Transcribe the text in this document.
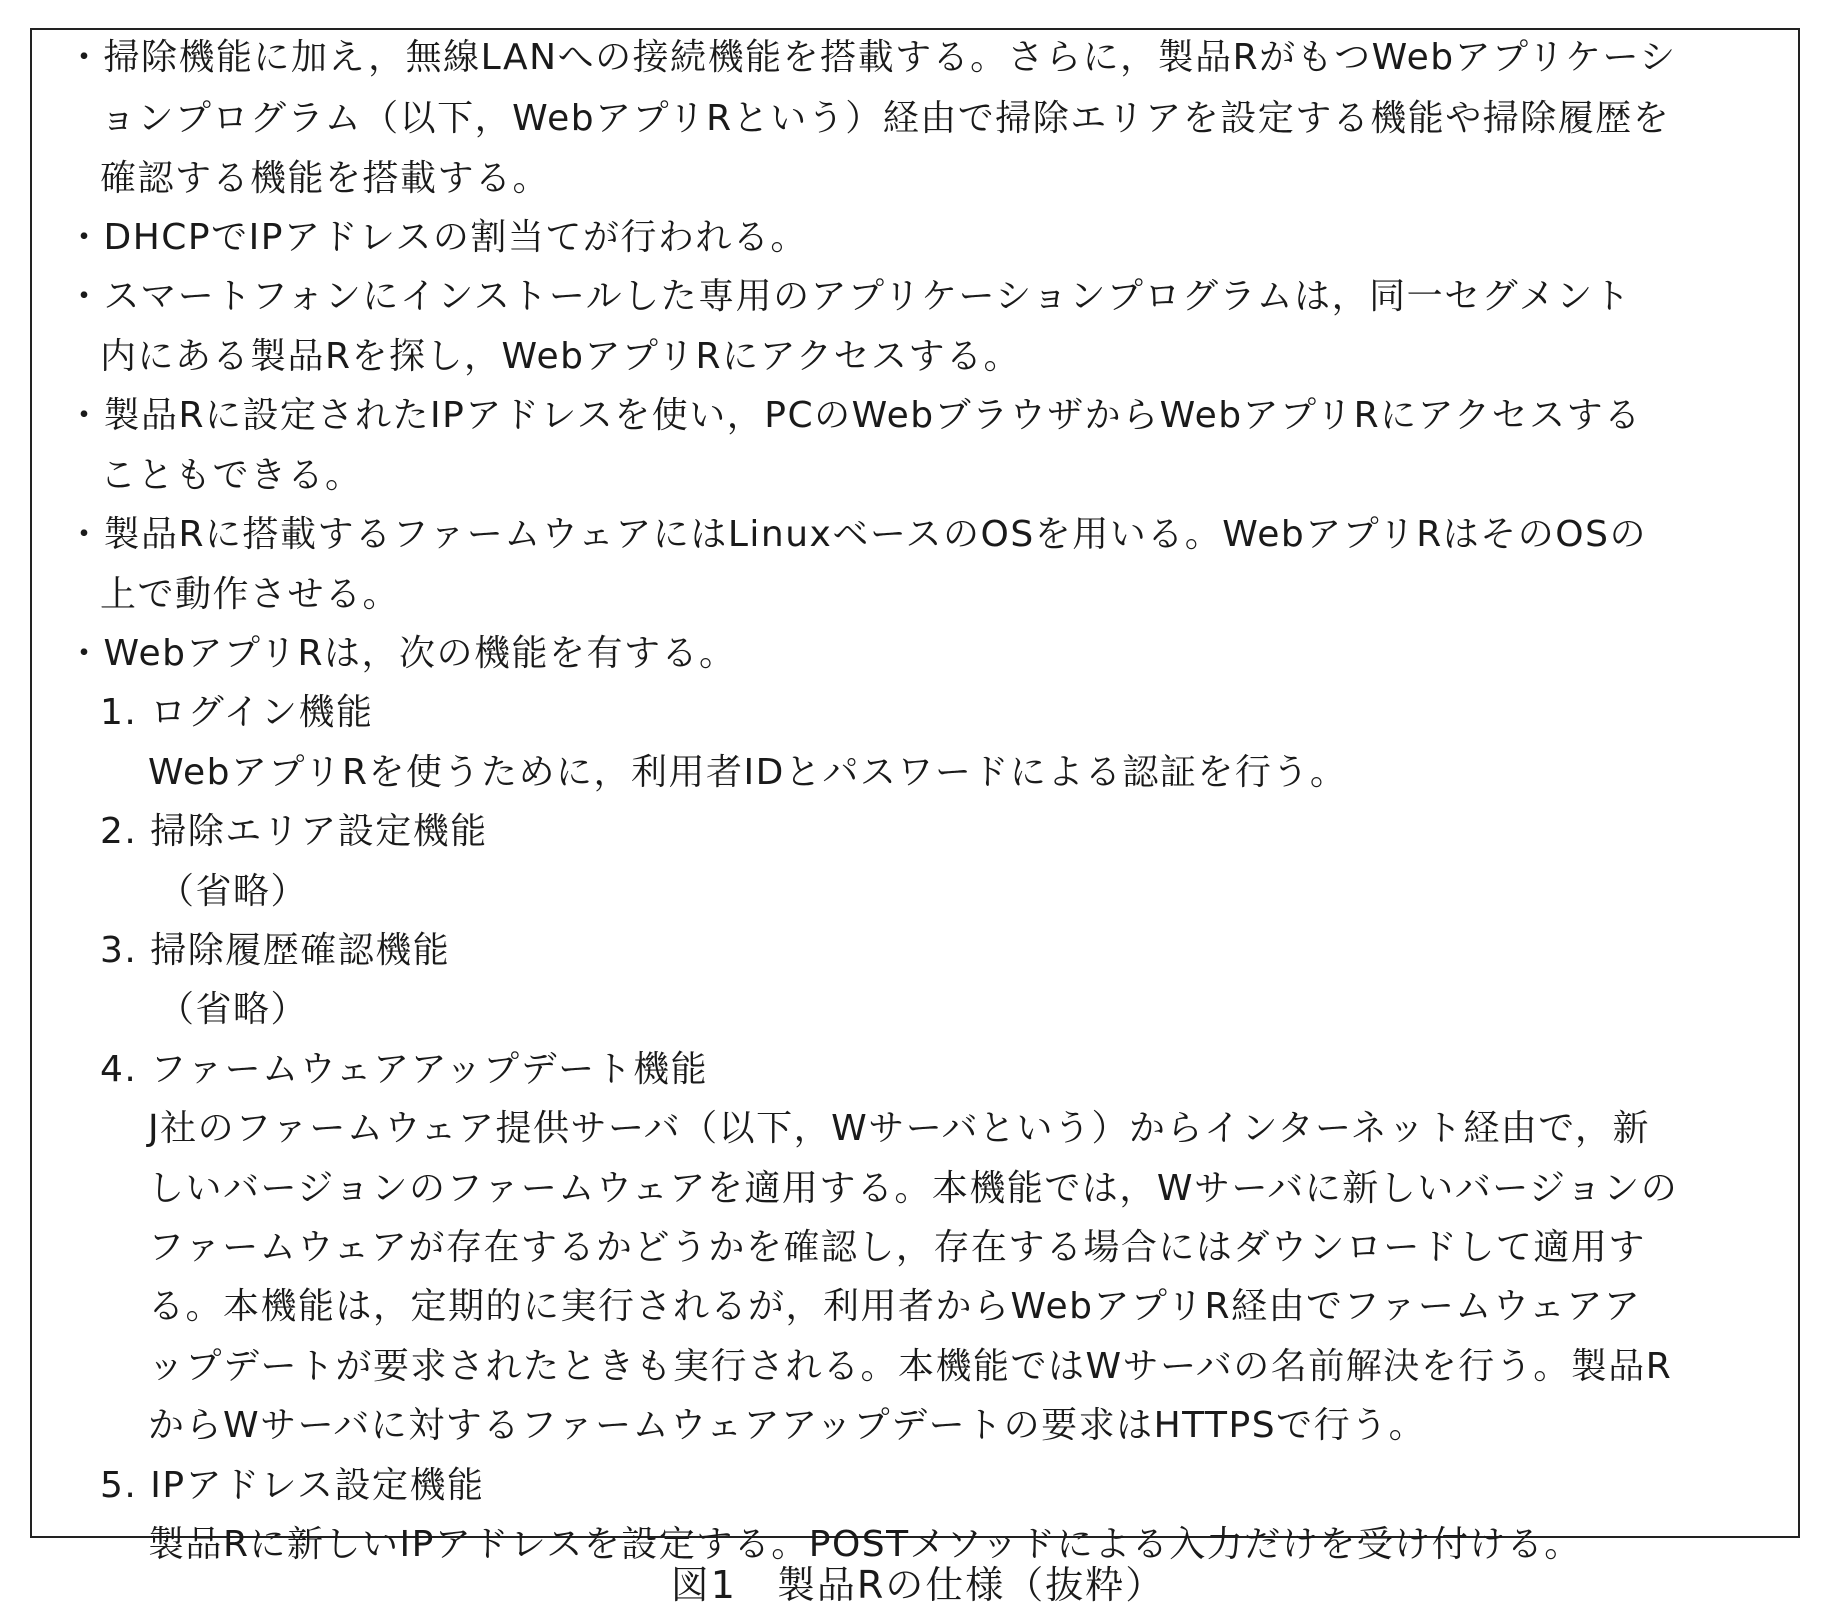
・掃除機能に加え，無線LANへの接続機能を搭載する。さらに，製品RがもつWebアプリケーシ
ョンプログラム（以下，WebアプリRという）経由で掃除エリアを設定する機能や掃除履歴を
確認する機能を搭載する。
・DHCPでIPアドレスの割当てが行われる。
・スマートフォンにインストールした専用のアプリケーションプログラムは，同一セグメント
内にある製品Rを探し，WebアプリRにアクセスする。
・製品Rに設定されたIPアドレスを使い，PCのWebブラウザからWebアプリRにアクセスする
こともできる。
・製品Rに搭載するファームウェアにはLinuxベースのOSを用いる。WebアプリRはそのOSの
上で動作させる。
・WebアプリRは，次の機能を有する。
1. ログイン機能
WebアプリRを使うために，利用者IDとパスワードによる認証を行う。
2. 掃除エリア設定機能
（省略）
3. 掃除履歴確認機能
（省略）
4. ファームウェアアップデート機能
J社のファームウェア提供サーバ（以下，Wサーバという）からインターネット経由で，新
しいバージョンのファームウェアを適用する。本機能では，Wサーバに新しいバージョンの
ファームウェアが存在するかどうかを確認し，存在する場合にはダウンロードして適用す
る。本機能は，定期的に実行されるが，利用者からWebアプリR経由でファームウェアア
ップデートが要求されたときも実行される。本機能ではWサーバの名前解決を行う。製品R
からWサーバに対するファームウェアアップデートの要求はHTTPSで行う。
5. IPアドレス設定機能
製品Rに新しいIPアドレスを設定する。POSTメソッドによる入力だけを受け付ける。
図1　製品Rの仕様（抜粋）
